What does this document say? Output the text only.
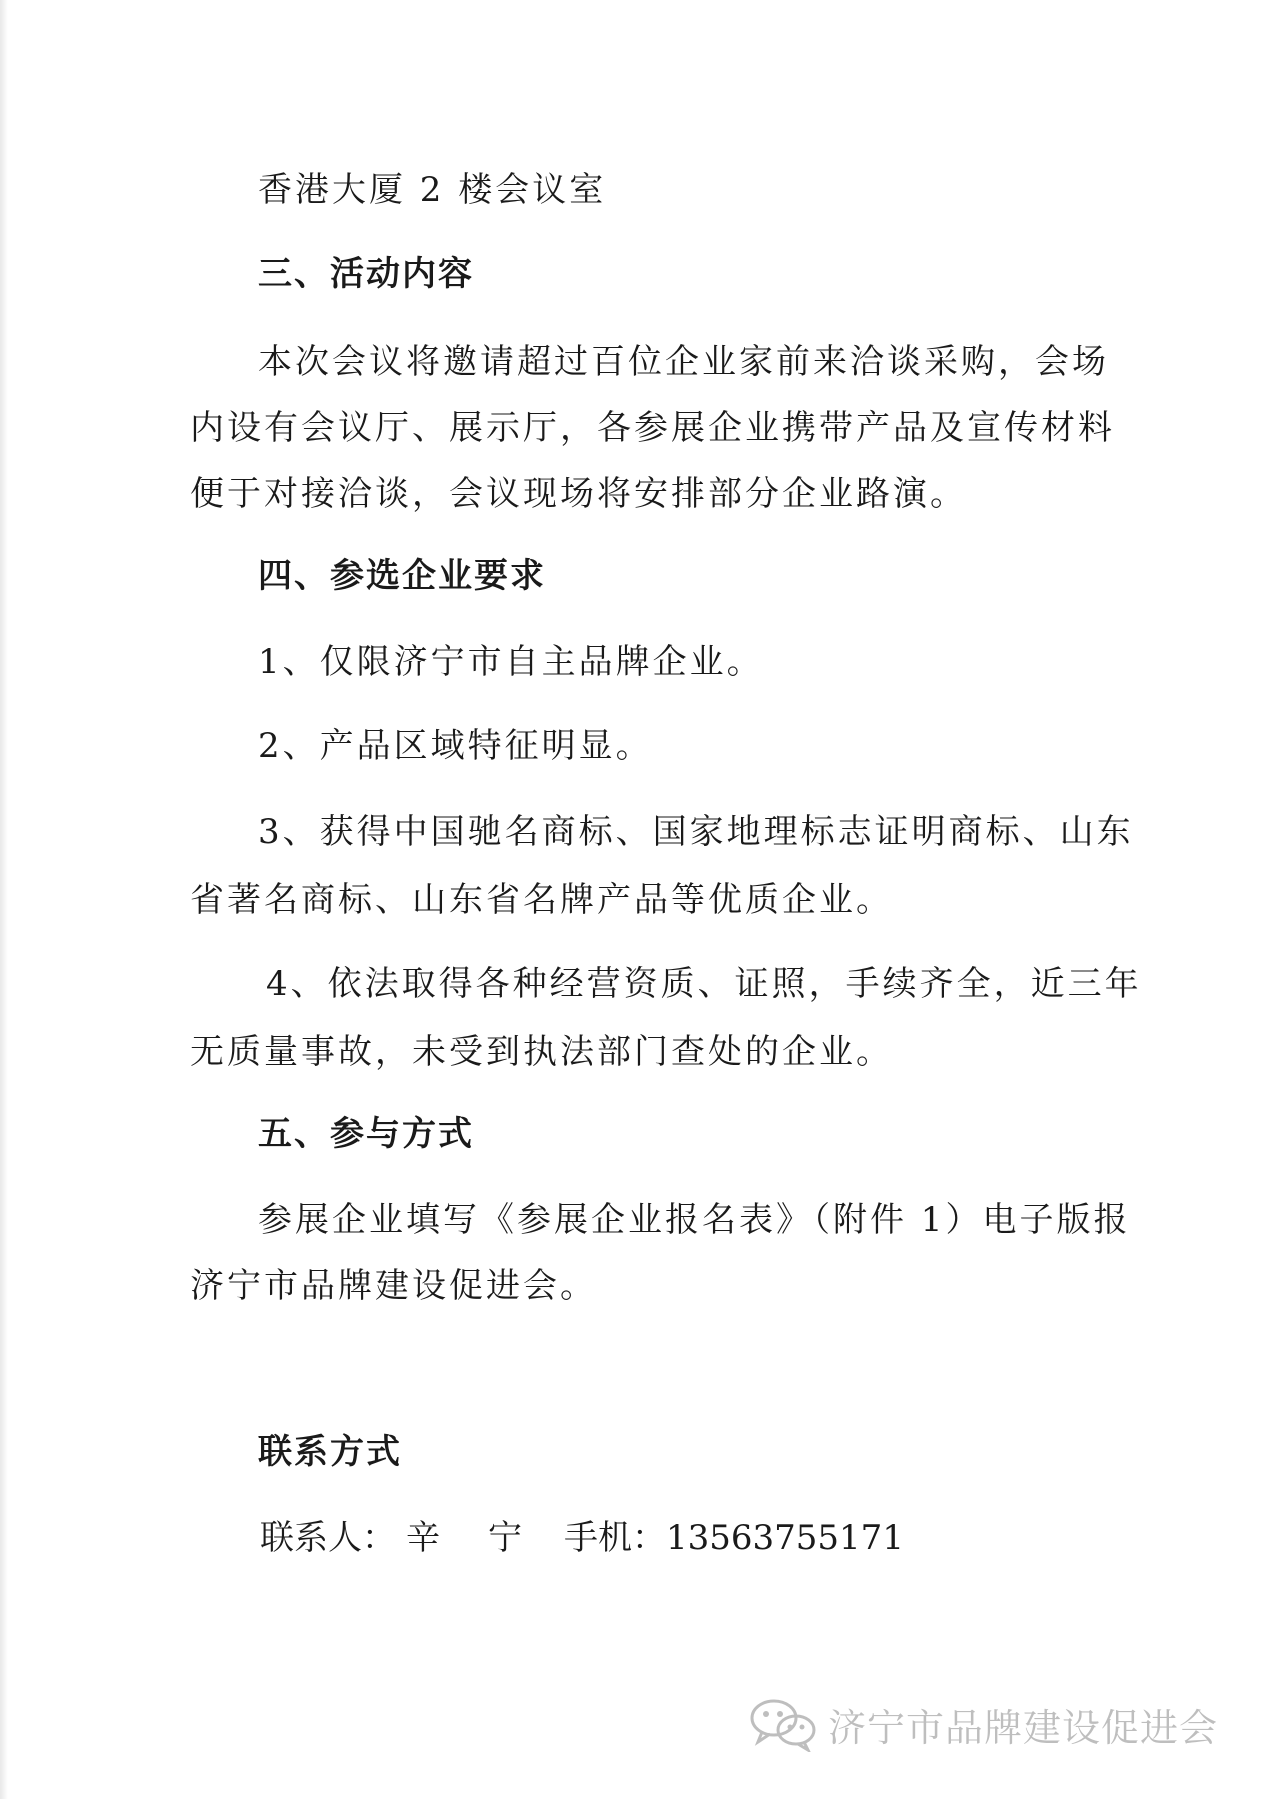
香港大厦 2 楼会议室
三、活动内容
本次会议将邀请超过百位企业家前来洽谈采购，会场
内设有会议厅、展示厅，各参展企业携带产品及宣传材料
便于对接洽谈，会议现场将安排部分企业路演。
四、参选企业要求
1、仅限济宁市自主品牌企业。
2、产品区域特征明显。
3、获得中国驰名商标、国家地理标志证明商标、山东
省著名商标、山东省名牌产品等优质企业。
4、依法取得各种经营资质、证照，手续齐全，近三年
无质量事故，未受到执法部门查处的企业。
五、参与方式
参展企业填写《参展企业报名表》（附件 1）电子版报
济宁市品牌建设促进会。
联系方式
联系人： 辛 宁 手机：13563755171
济宁市品牌建设促进会
